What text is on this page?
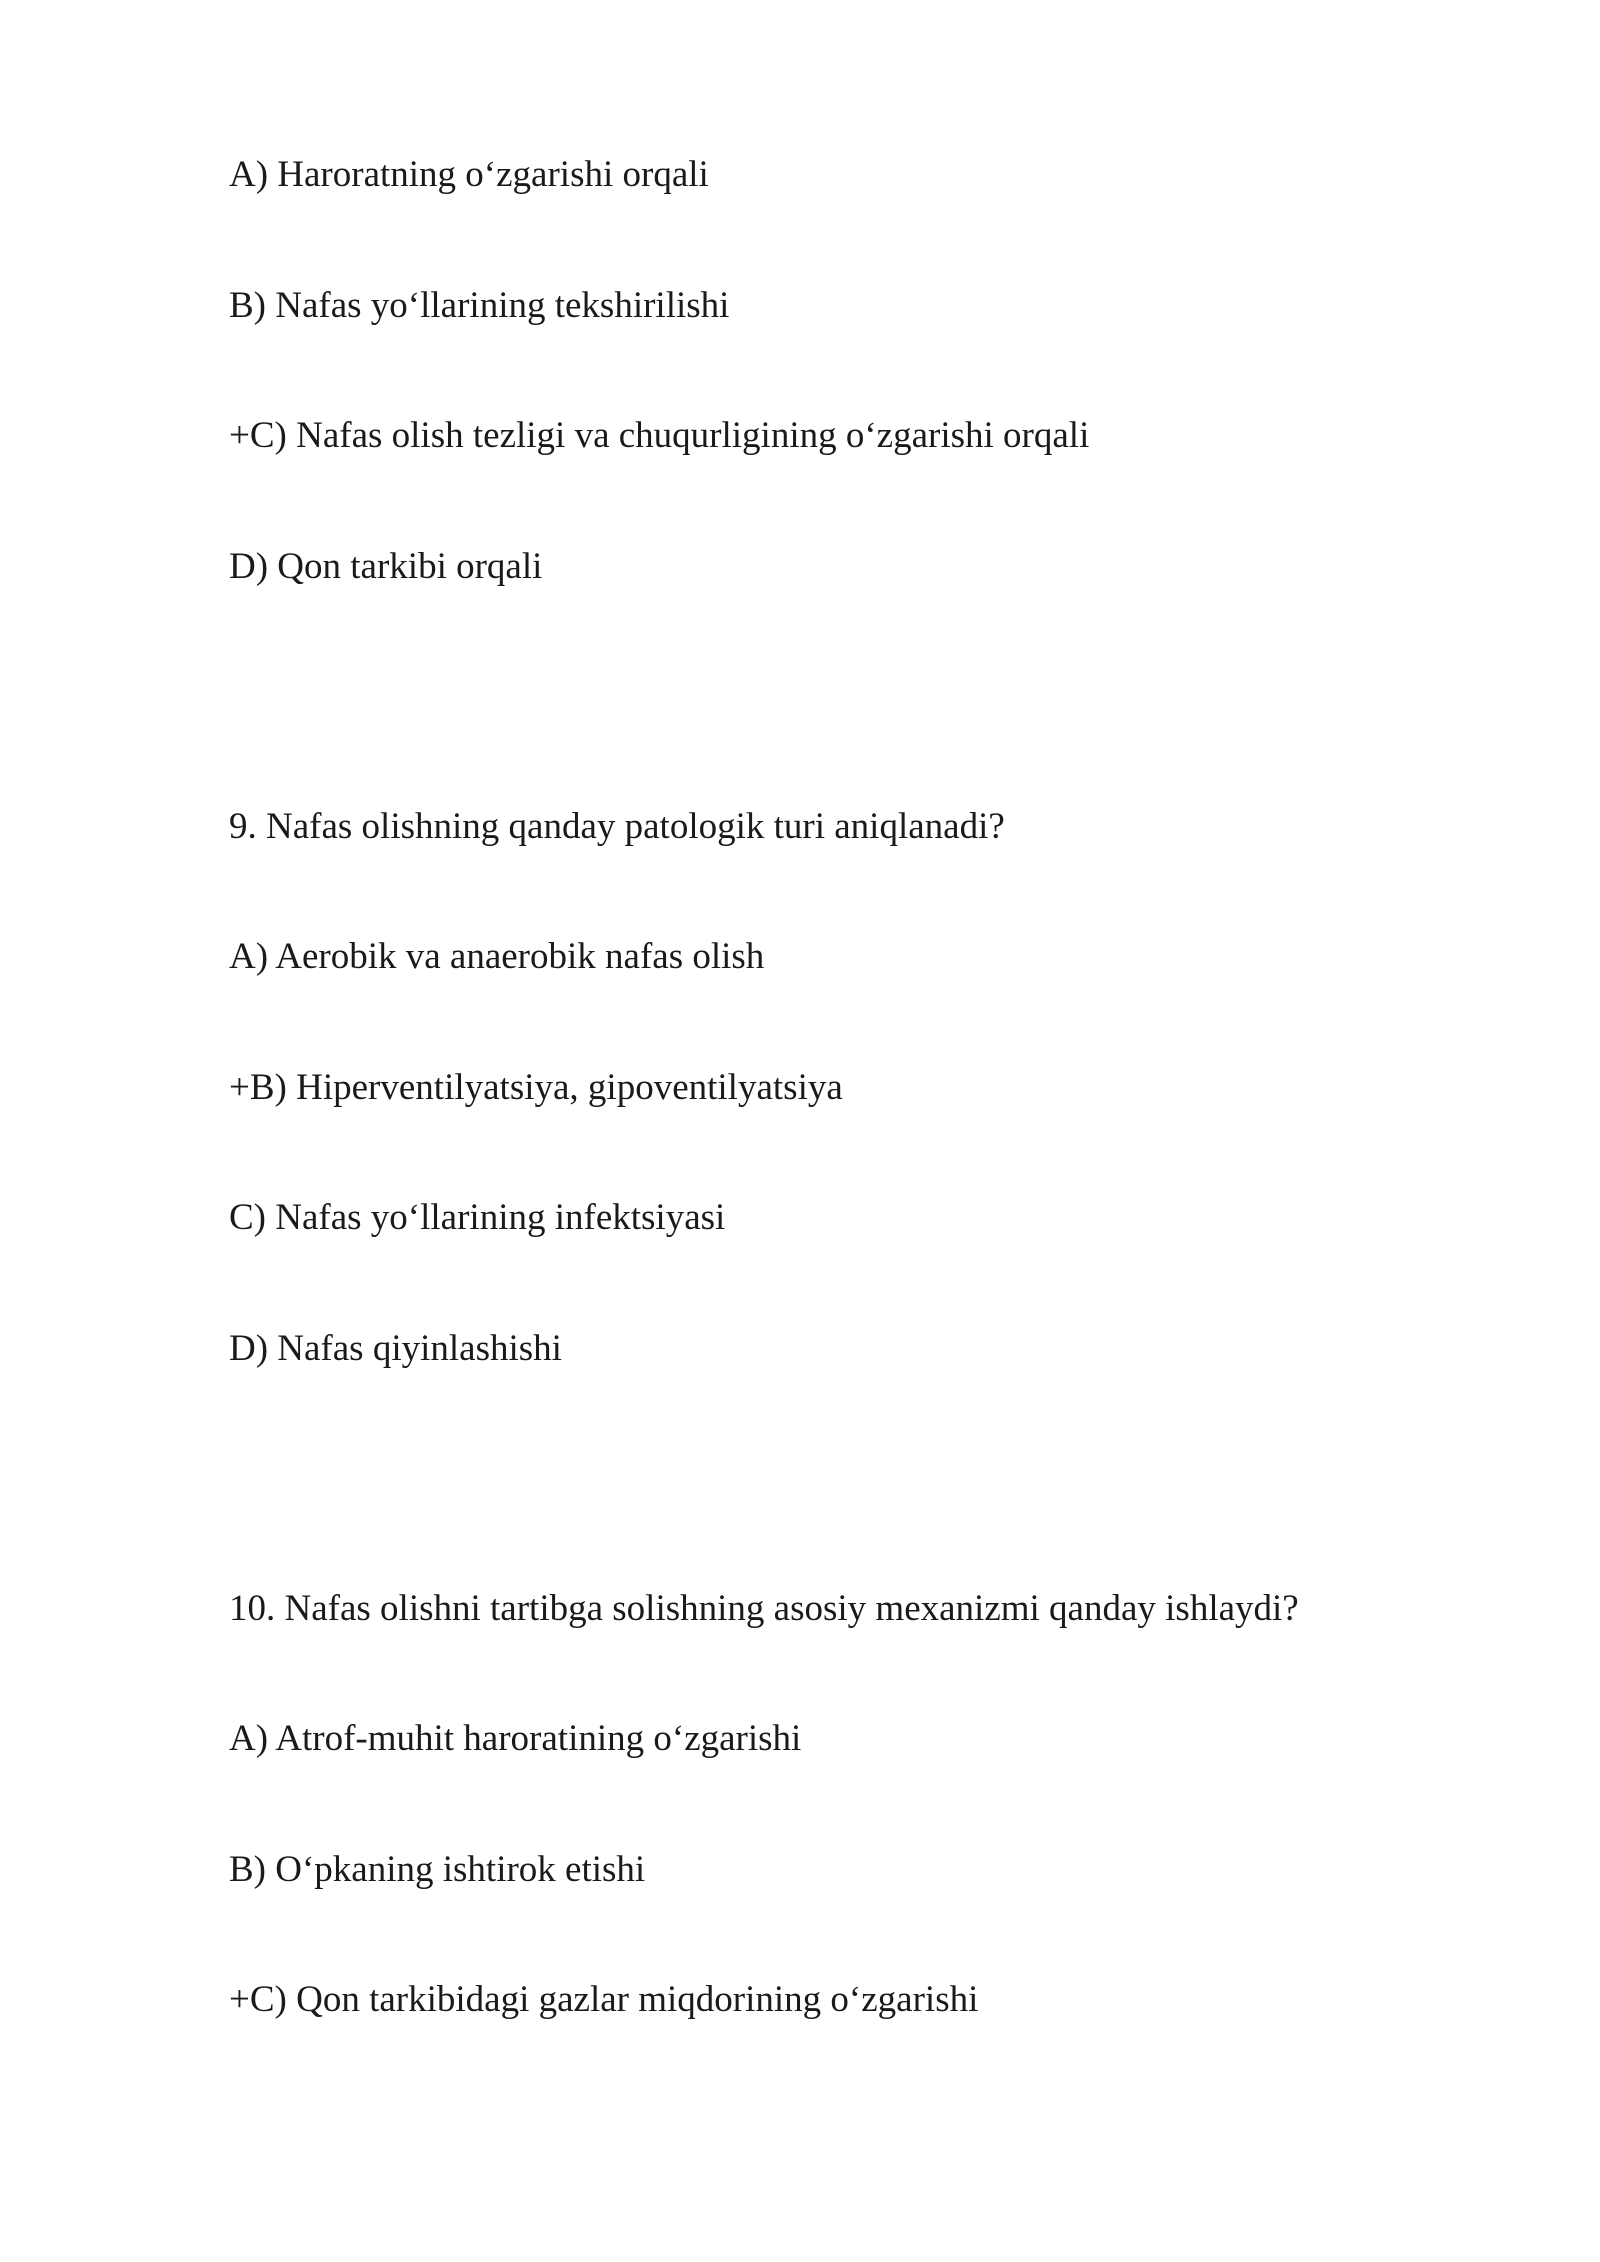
A) Haroratning o‘zgarishi orqali
B) Nafas yo‘llarining tekshirilishi
+C) Nafas olish tezligi va chuqurligining o‘zgarishi orqali
D) Qon tarkibi orqali
9. Nafas olishning qanday patologik turi aniqlanadi?
A) Aerobik va anaerobik nafas olish
+B) Hiperventilyatsiya, gipoventilyatsiya
C) Nafas yo‘llarining infektsiyasi
D) Nafas qiyinlashishi
10. Nafas olishni tartibga solishning asosiy mexanizmi qanday ishlaydi?
A) Atrof-muhit haroratining o‘zgarishi
B) O‘pkaning ishtirok etishi
+C) Qon tarkibidagi gazlar miqdorining o‘zgarishi
